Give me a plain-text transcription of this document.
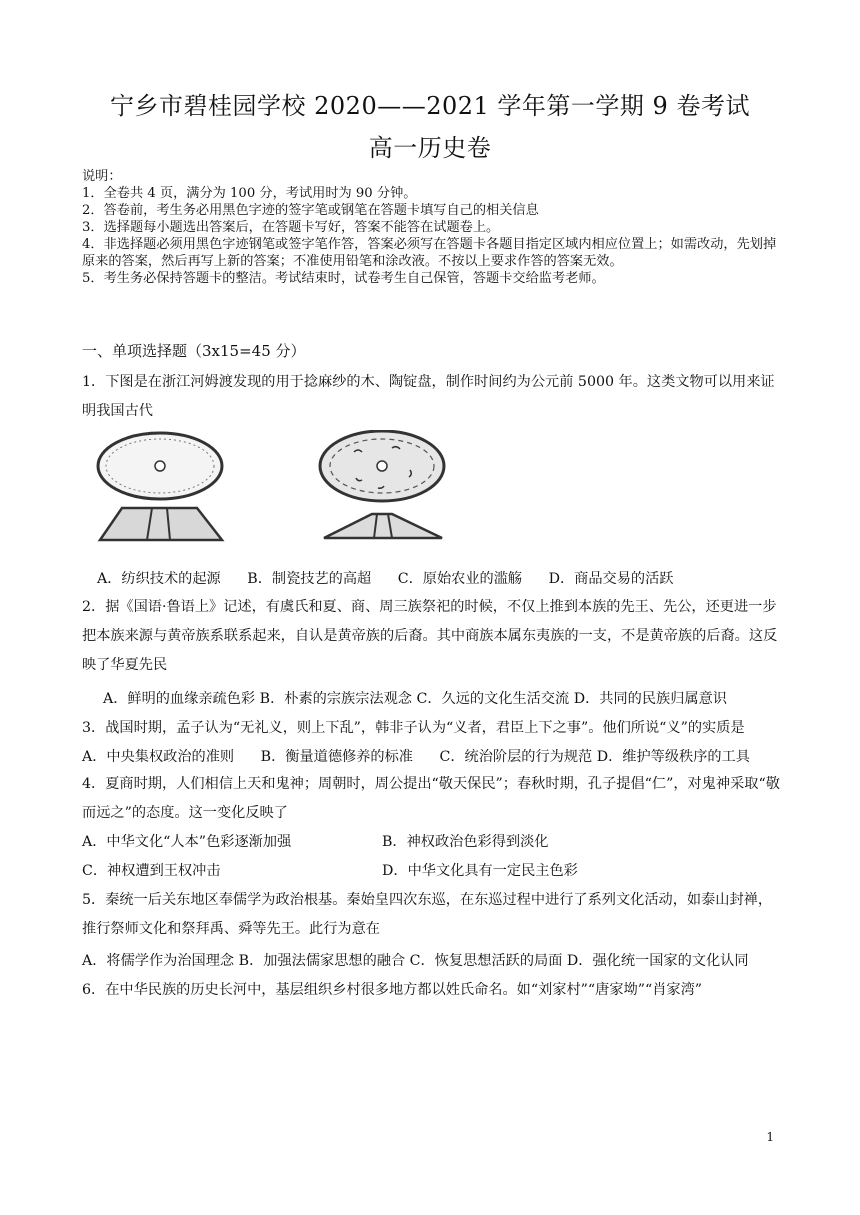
宁乡市碧桂园学校 2020——2021 学年第一学期 9 卷考试
高一历史卷
说明：
1．全卷共 4 页，满分为 100 分，考试用时为 90 分钟。
2．答卷前，考生务必用黑色字迹的签字笔或钢笔在答题卡填写自己的相关信息
3．选择题每小题选出答案后，在答题卡写好，答案不能答在试题卷上。
4．非选择题必须用黑色字迹钢笔或签字笔作答，答案必须写在答题卡各题目指定区域内相应位置上；如需改动，先划掉原来的答案，然后再写上新的答案；不准使用铅笔和涂改液。不按以上要求作答的答案无效。
5．考生务必保持答题卡的整洁。考试结束时，试卷考生自己保管，答题卡交给监考老师。
一、单项选择题（3x15=45 分）
1．下图是在浙江河姆渡发现的用于捻麻纱的木、陶锭盘，制作时间约为公元前 5000 年。这类文物可以用来证明我国古代
A．纺织技术的起源 B．制瓷技艺的高超 C．原始农业的滥觞 D．商品交易的活跃
2．据《国语·鲁语上》记述，有虞氏和夏、商、周三族祭祀的时候，不仅上推到本族的先王、先公，还更进一步把本族来源与黄帝族系联系起来，自认是黄帝族的后裔。其中商族本属东夷族的一支，不是黄帝族的后裔。这反映了华夏先民
A．鲜明的血缘亲疏色彩 B．朴素的宗族宗法观念 C．久远的文化生活交流 D．共同的民族归属意识
3．战国时期，孟子认为“无礼义，则上下乱”，韩非子认为“义者，君臣上下之事”。他们所说“义”的实质是
A．中央集权政治的准则 B．衡量道德修养的标准 C．统治阶层的行为规范 D．维护等级秩序的工具
4．夏商时期，人们相信上天和鬼神；周朝时，周公提出“敬天保民”；春秋时期，孔子提倡“仁”，对鬼神采取“敬而远之”的态度。这一变化反映了
A．中华文化“人本”色彩逐渐加强	B．神权政治色彩得到淡化
C．神权遭到王权冲击	D．中华文化具有一定民主色彩
5．秦统一后关东地区奉儒学为政治根基。秦始皇四次东巡，在东巡过程中进行了系列文化活动，如泰山封禅，推行祭师文化和祭拜禹、舜等先王。此行为意在
A．将儒学作为治国理念 B．加强法儒家思想的融合 C．恢复思想活跃的局面 D．强化统一国家的文化认同
6．在中华民族的历史长河中，基层组织乡村很多地方都以姓氏命名。如“刘家村”“唐家坳”“肖家湾”
1
